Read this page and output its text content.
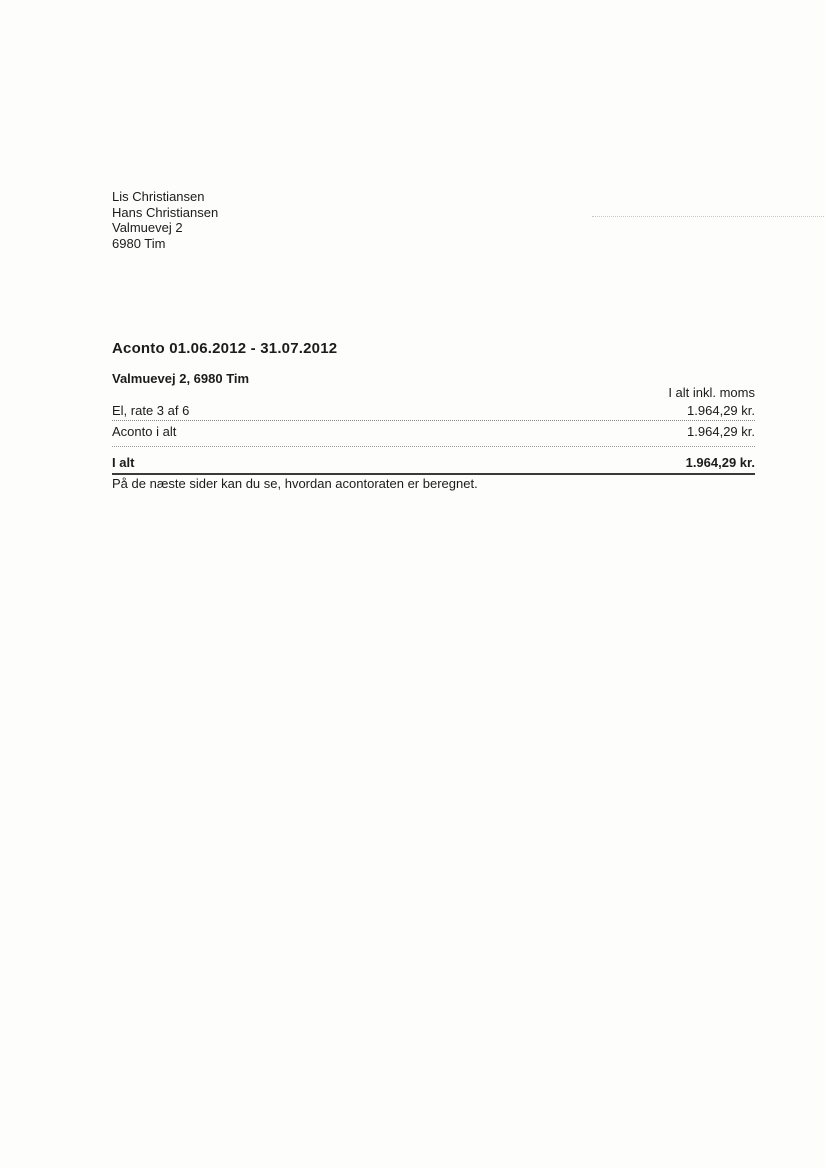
Lis Christiansen
Hans Christiansen
Valmuevej 2
6980 Tim
Aconto 01.06.2012 - 31.07.2012
Valmuevej 2, 6980 Tim
I alt inkl. moms
El, rate 3 af 6	1.964,29 kr.
Aconto i alt	1.964,29 kr.
I alt	1.964,29 kr.
På de næste sider kan du se, hvordan acontoraten er beregnet.
